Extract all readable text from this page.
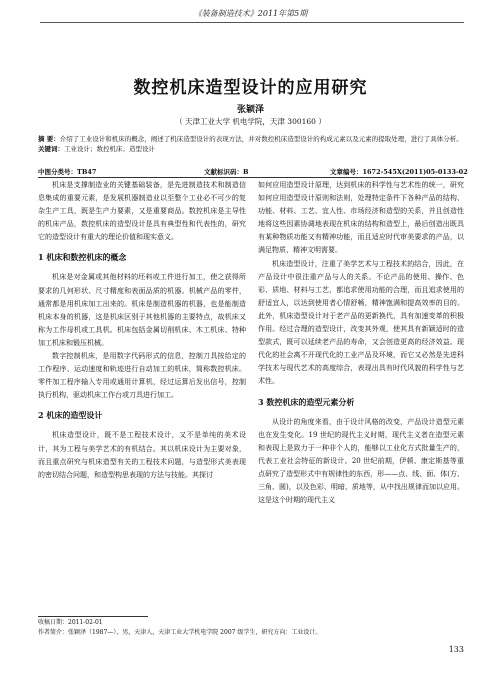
《装备制造技术》2011年第5期
数控机床造型设计的应用研究
张颖泽
（ 天津工业大学 机电学院，天津 300160 ）
摘 要：介绍了工业设计和机床的概念，阐述了机床造型设计的表现方法，并对数控机床造型设计的构成元素以及元素的提取处理，进行了具体分析。
关键词：工业设计；数控机床；造型设计
中图分类号：TB47	文献标识码：B	文章编号：1672-545X(2011)05-0133-02

机床是支撑制造业的关键基础装备，是先进制造技术和制造信息集成的重要元素，是发展机器制造业以至整个工业必不可少的复杂生产工具，既是生产力要素，又是重要商品。数控机床是主导性的机床产品，数控机床的造型设计是具有典型性和代表性的，研究它的造型设计有重大的理论价值和现实意义。

1 机床和数控机床的概念

机床是对金属或其他材料的坯料或工件进行加工，使之获得所要求的几何形状、尺寸精度和表面品质的机器。机械产品的零件，通常都是用机床加工出来的。机床是制造机器的机器，也是能制造机床本身的机器，这是机床区别于其他机器的主要特点，故机床又称为工作母机或工具机。机床包括金属切削机床、木工机床、特种加工机床和锻压机械。

数字控制机床，是用数字代码形式的信息，控制刀具按给定的工作程序、运动速度和轨迹进行自动加工的机床，简称数控机床。零件加工程序输入专用或通用计算机，经过运算后发出信号，控制执行机构，驱动机床工作台或刀具进行加工。

2 机床的造型设计

机床造型设计，既不是工程技术设计，又不是单纯的美术设计，其为工程与美学艺术的有机结合。其以机床设计为主要对象，而且重点研究与机床造型有关的工程技术问题，与造型形式美表现的密切结合问题，和造型构思表现的方法与技能。其探讨

如何应用造型设计原理，达到机床的科学性与艺术性的统一，研究如何应用造型设计原则和法则，处理特定条件下各种产品的结构、功能、材料、工艺、宜人性、市场经济和造型的关系，并且创造性地将这些因素协调地表现在机床的结构和造型上，最后创造出既具有某种物质功能又有精神功能，而且适应时代审美要求的产品，以满足物质、精神文明需要。

机床造型设计，注重了美学艺术与工程技术的结合，因此，在产品设计中很注重产品与人的关系。不论产品的使用、操作、色彩、质地、材料与工艺，都追求使用功能的合理，而且追求使用的舒适宜人，以达到使用者心情舒畅，精神饱满和提高效率的目的。此外，机床造型设计对于老产品的更新换代，具有加速变革的积极作用。经过合理的造型设计，改变其外观，使其具有新颖适时的造型款式，既可以延续老产品的寿命，又会创造更高的经济效益。现代化的社会离不开现代化的工业产品及环境，而它又必然是先进科学技术与现代艺术的高度综合，表现出具有时代风貌的科学性与艺术性。

3 数控机床的造型元素分析

从设计的角度来看，由于设计风格的改变，产品设计造型元素也在发生变化。19 世纪的现代主义时期，现代主义者在造型元素和表现上是致力于一种非个人的，能够以工业化方式批量生产的，代表工业社会特征的新设计。20 世纪前期，伊顿、康定斯基等重点研究了造型形式中有规律性的东西，形——点、线、面、体(方、三角、圆)，以及色彩、明暗、质地等，从中找出规律而加以应用。这是这个时期的现代主义

收稿日期：2011-02-01
作者简介：张颖泽（1987—），男，天津人，天津工业大学机电学院 2007 级学生，研究方向：工业设计。
133
